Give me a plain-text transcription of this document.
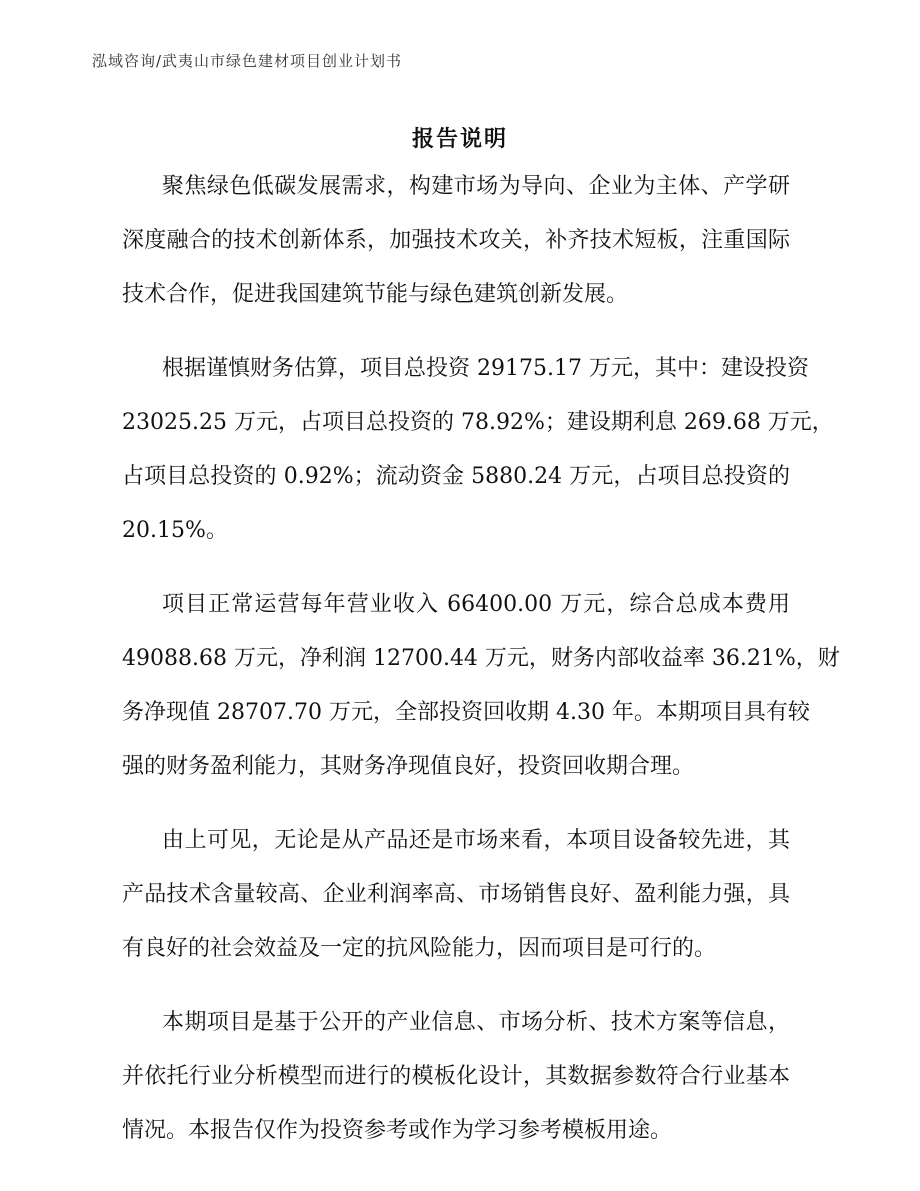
泓域咨询/武夷山市绿色建材项目创业计划书
报告说明
聚焦绿色低碳发展需求，构建市场为导向、企业为主体、产学研
深度融合的技术创新体系，加强技术攻关，补齐技术短板，注重国际
技术合作，促进我国建筑节能与绿色建筑创新发展。
根据谨慎财务估算，项目总投资 29175.17 万元，其中：建设投资
23025.25 万元，占项目总投资的 78.92%；建设期利息 269.68 万元，
占项目总投资的 0.92%；流动资金 5880.24 万元，占项目总投资的
20.15%。
项目正常运营每年营业收入 66400.00 万元，综合总成本费用
49088.68 万元，净利润 12700.44 万元，财务内部收益率 36.21%，财
务净现值 28707.70 万元，全部投资回收期 4.30 年。本期项目具有较
强的财务盈利能力，其财务净现值良好，投资回收期合理。
由上可见，无论是从产品还是市场来看，本项目设备较先进，其
产品技术含量较高、企业利润率高、市场销售良好、盈利能力强，具
有良好的社会效益及一定的抗风险能力，因而项目是可行的。
本期项目是基于公开的产业信息、市场分析、技术方案等信息，
并依托行业分析模型而进行的模板化设计，其数据参数符合行业基本
情况。本报告仅作为投资参考或作为学习参考模板用途。
